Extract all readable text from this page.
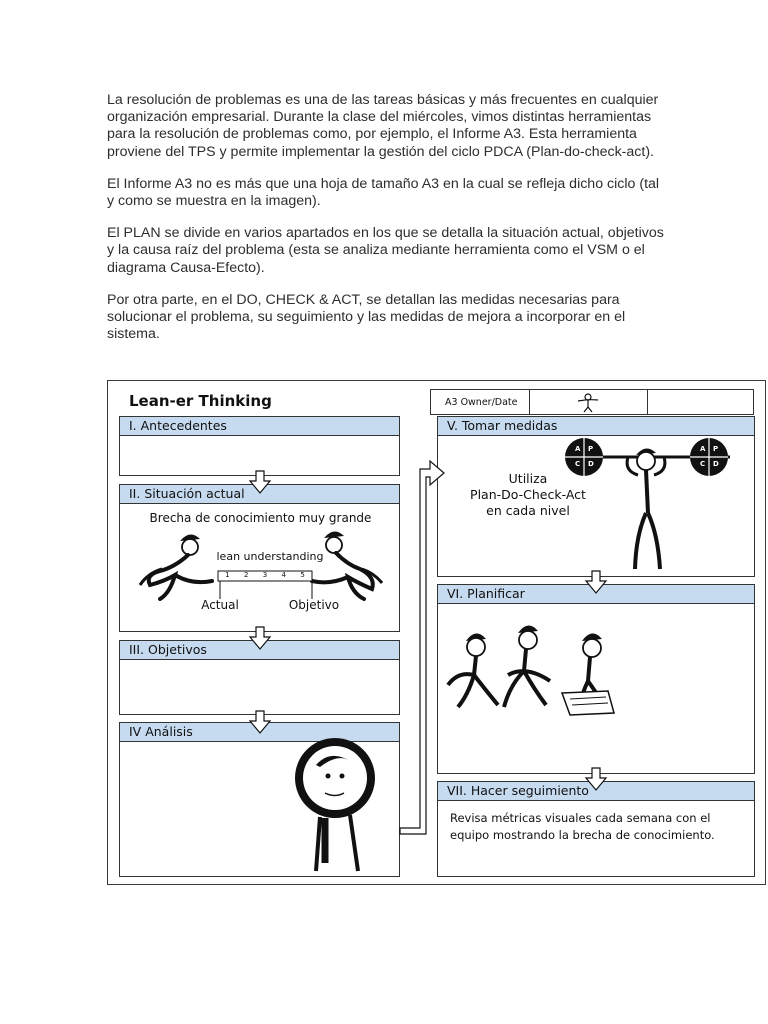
La resolución de problemas es una de las tareas básicas y más frecuentes en cualquier organización empresarial. Durante la clase del miércoles, vimos distintas herramientas para la resolución de problemas como, por ejemplo, el Informe A3. Esta herramienta proviene del TPS y permite implementar la gestión del ciclo PDCA (Plan-do-check-act).

El Informe A3 no es más que una hoja de tamaño A3 en la cual se refleja dicho ciclo (tal y como se muestra en la imagen).

El PLAN se divide en varios apartados en los que se detalla la situación actual, objetivos y la causa raíz del problema (esta se analiza mediante herramienta como el VSM o el diagrama Causa-Efecto).

Por otra parte, en el DO, CHECK & ACT, se detallan las medidas necesarias para solucionar el problema, su seguimiento y las medidas de mejora a incorporar en el sistema.

Lean-er Thinking	A3 Owner/Date
I. Antecedentes
II. Situación actual
Brecha de conocimiento muy grande
lean understanding
1 2 3 4 5
Actual	Objetivo
III. Objetivos
IV Análisis
V. Tomar medidas
Utiliza
Plan-Do-Check-Act
en cada nivel
A P
C D
A P
C D
VI. Planificar
VII. Hacer seguimiento
Revisa métricas visuales cada semana con el
equipo mostrando la brecha de conocimiento.
